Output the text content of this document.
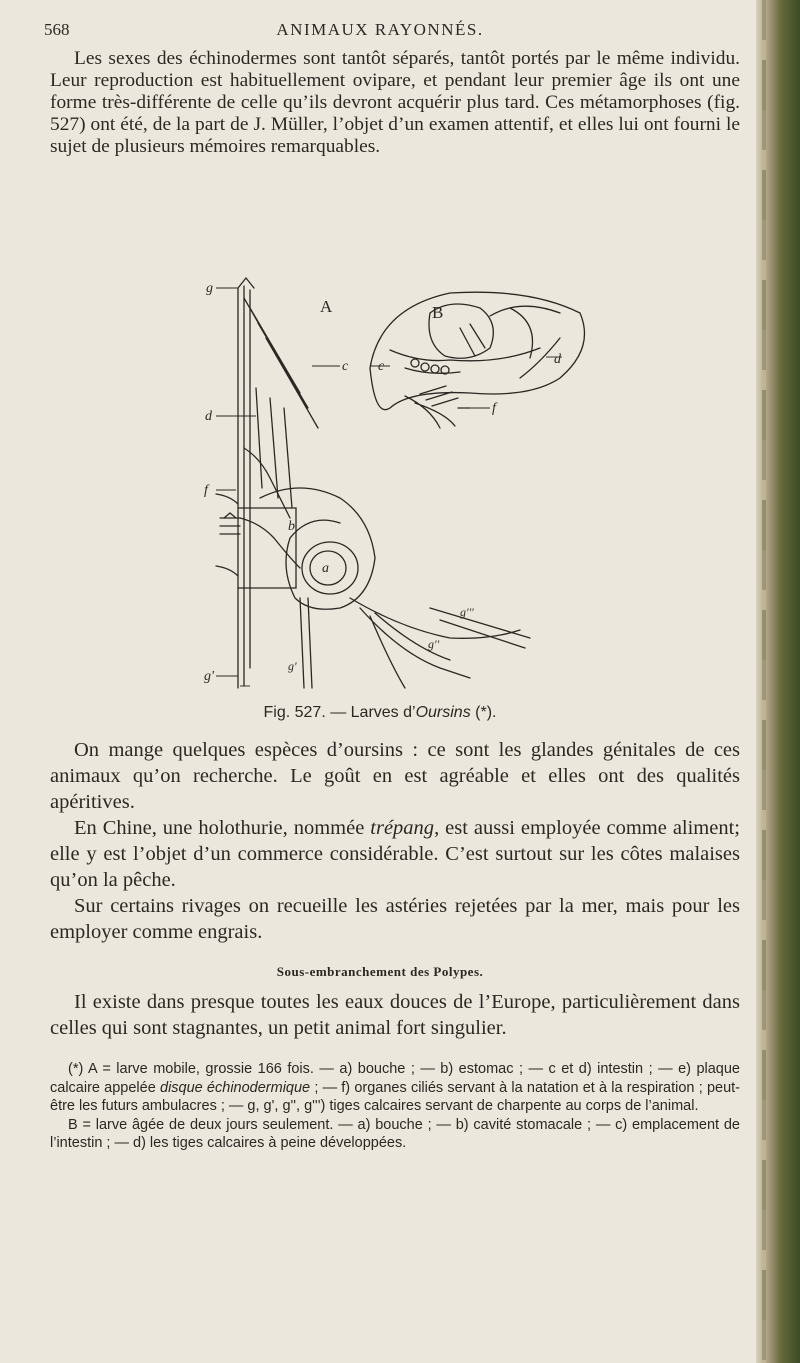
568	ANIMAUX RAYONNÉS.

Les sexes des échinodermes sont tantôt séparés, tantôt portés par le même individu. Leur reproduction est habituellement ovipare, et pendant leur premier âge ils ont une forme très-différente de celle qu’ils devront acquérir plus tard. Ces métamorphoses (fig. 527) ont été, de la part de J. Müller, l’objet d’un examen attentif, et elles lui ont fourni le sujet de plusieurs mémoires remarquables.

g
A	B
d
c c	d
f
f
a
b
g'''
g''
g'
g'
Fig. 527. — Larves d’Oursins (*).

On mange quelques espèces d’oursins : ce sont les glandes génitales de ces animaux qu’on recherche. Le goût en est agréable et elles ont des qualités apéritives.

En Chine, une holothurie, nommée trépang, est aussi employée comme aliment; elle y est l’objet d’un commerce considérable. C’est surtout sur les côtes malaises qu’on la pêche.

Sur certains rivages on recueille les astéries rejetées par la mer, mais pour les employer comme engrais.

Sous-embranchement des Polypes.

Il existe dans presque toutes les eaux douces de l’Europe, particulièrement dans celles qui sont stagnantes, un petit animal fort singulier.

(*) A = larve mobile, grossie 166 fois. — a) bouche ; — b) estomac ; — c et d) intestin ; — e) plaque calcaire appelée disque échinodermique ; — f) organes ciliés servant à la natation et à la respiration ; peut-être les futurs ambulacres ; — g, g', g'', g''') tiges calcaires servant de charpente au corps de l’animal.
B = larve âgée de deux jours seulement. — a) bouche ; — b) cavité stomacale ; — c) emplacement de l’intestin ; — d) les tiges calcaires à peine développées.
